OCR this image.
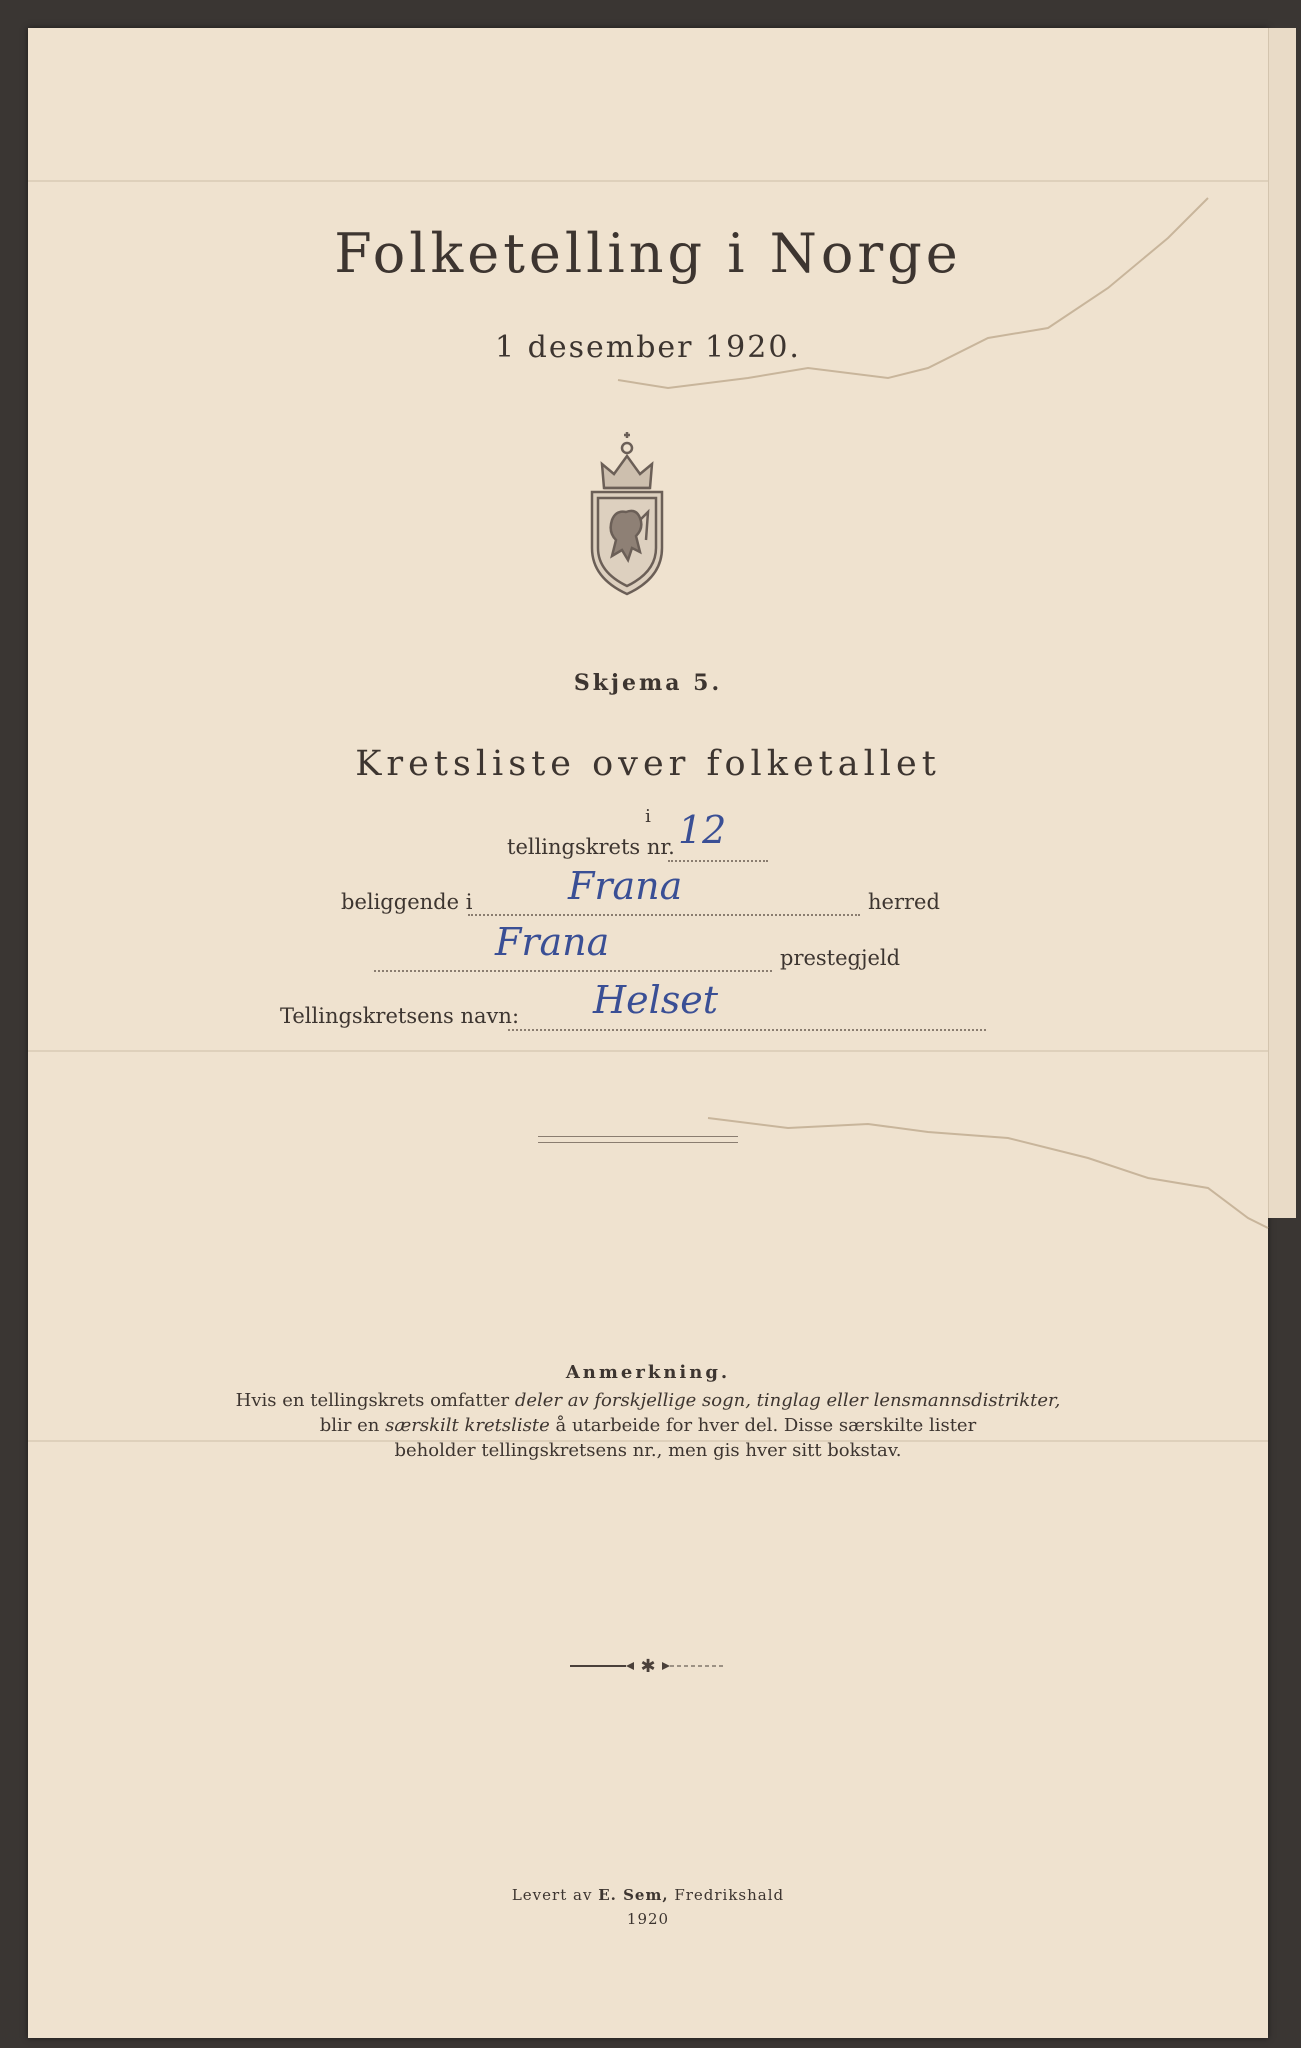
Folketelling i Norge
1 desember 1920.
Skjema 5.
Kretsliste over folketallet
i
tellingskrets nr. 12
beliggende i	Frana	herred
Frana	prestegjeld
Tellingskretsens navn: Helset
Anmerkning.
Hvis en tellingskrets omfatter deler av forskjellige sogn, tinglag eller lensmannsdistrikter,
blir en særskilt kretsliste å utarbeide for hver del. Disse særskilte lister
beholder tellingskretsens nr., men gis hver sitt bokstav.
✱
Levert av E. Sem, Fredrikshald
1920
